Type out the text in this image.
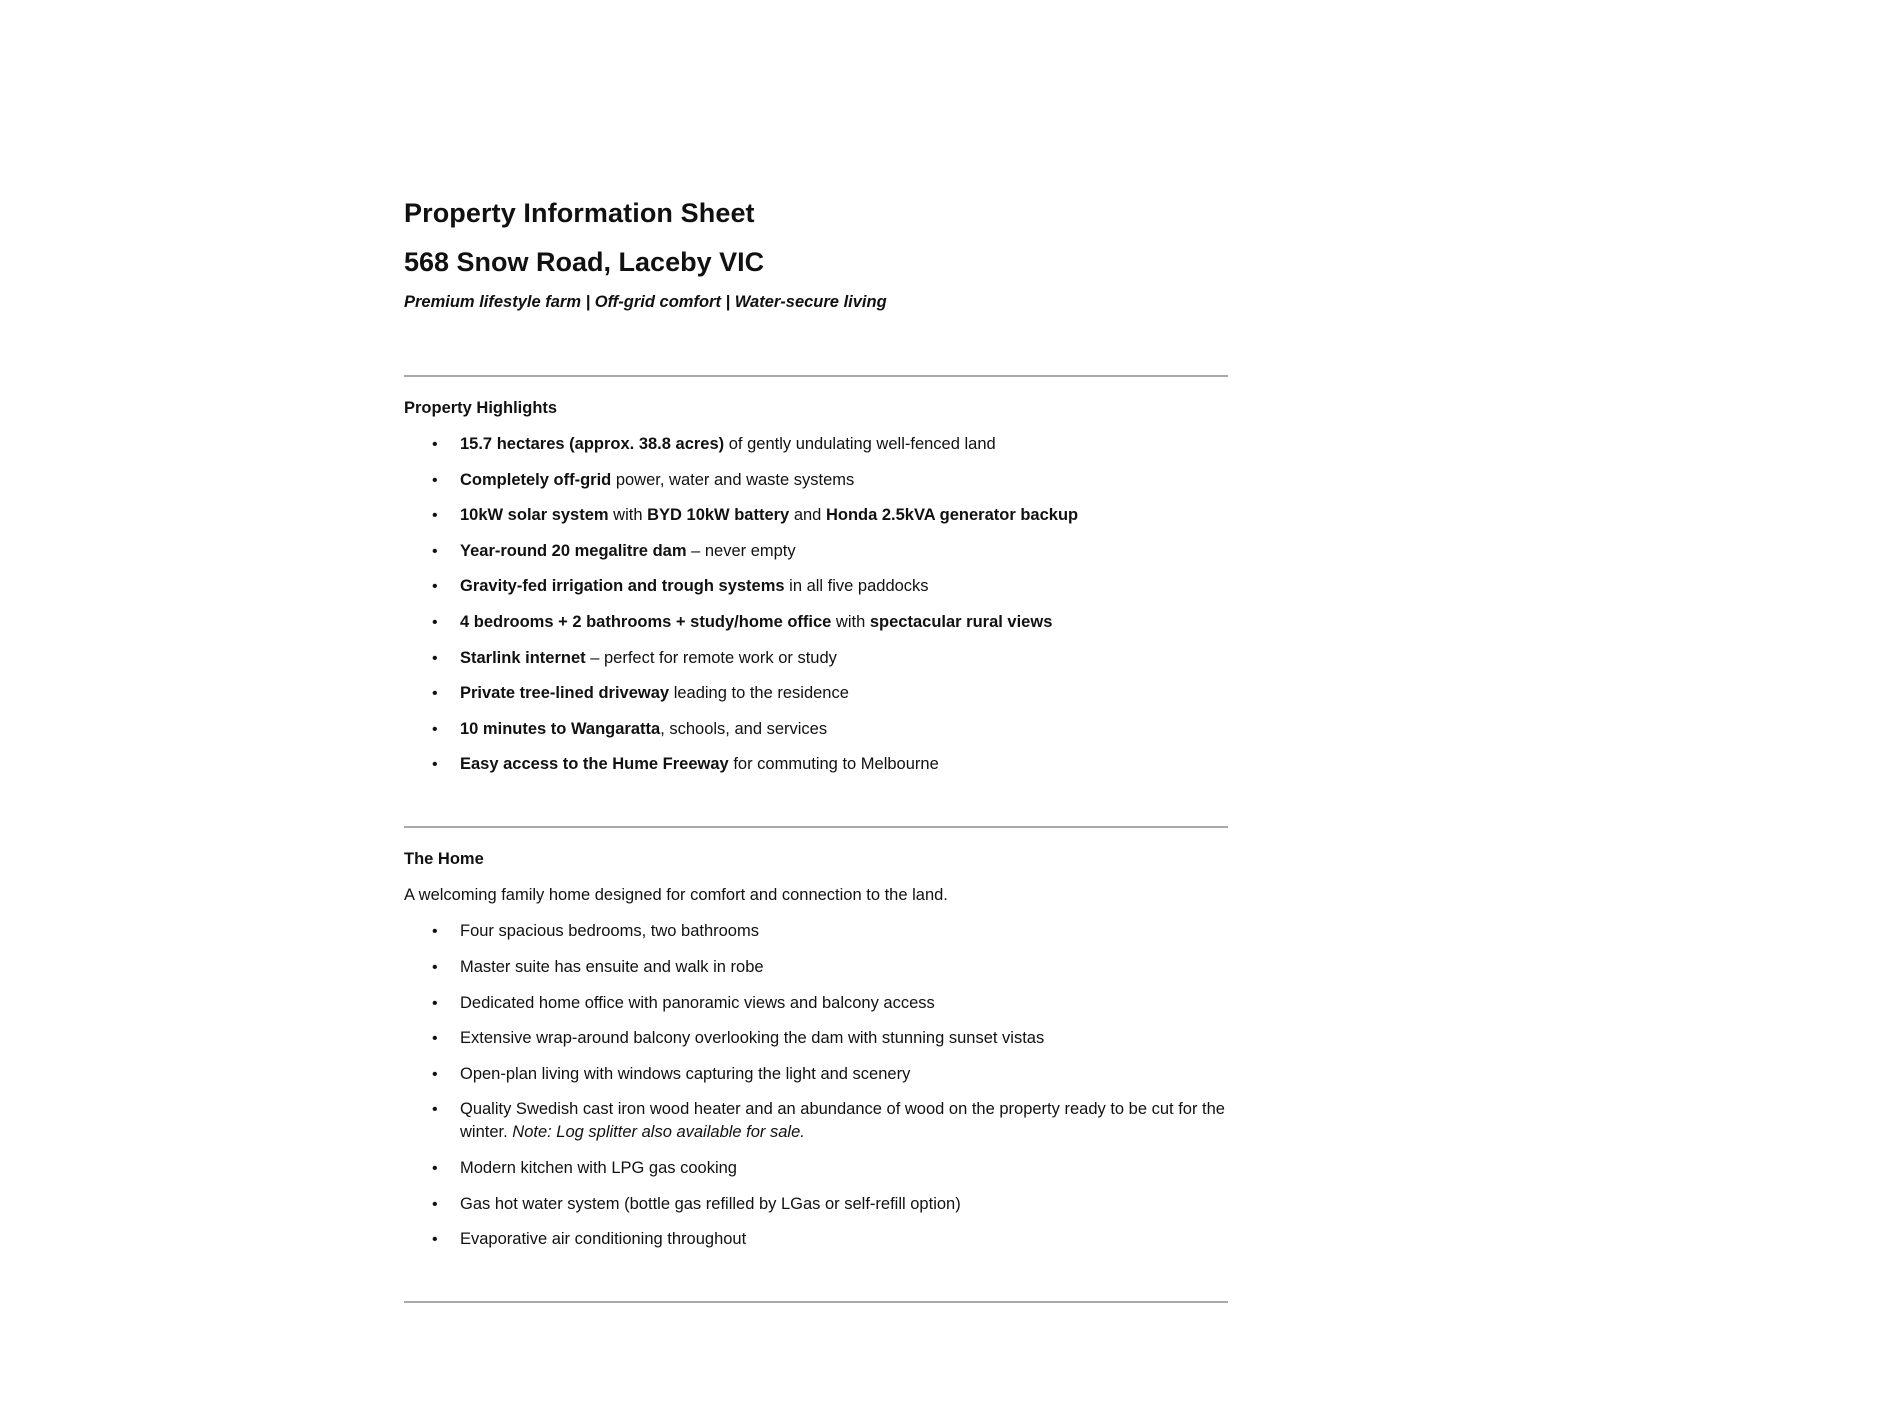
Property Information Sheet
568 Snow Road, Laceby VIC

Premium lifestyle farm | Off-grid comfort | Water-secure living

Property Highlights

• 15.7 hectares (approx. 38.8 acres) of gently undulating well-fenced land
• Completely off-grid power, water and waste systems
• 10kW solar system with BYD 10kW battery and Honda 2.5kVA generator backup
• Year-round 20 megalitre dam – never empty
• Gravity-fed irrigation and trough systems in all five paddocks
• 4 bedrooms + 2 bathrooms + study/home office with spectacular rural views
• Starlink internet – perfect for remote work or study
• Private tree-lined driveway leading to the residence
• 10 minutes to Wangaratta, schools, and services
• Easy access to the Hume Freeway for commuting to Melbourne

The Home

A welcoming family home designed for comfort and connection to the land.

• Four spacious bedrooms, two bathrooms
• Master suite has ensuite and walk in robe
• Dedicated home office with panoramic views and balcony access
• Extensive wrap-around balcony overlooking the dam with stunning sunset vistas
• Open-plan living with windows capturing the light and scenery
• Quality Swedish cast iron wood heater and an abundance of wood on the property ready to be cut for the winter. Note: Log splitter also available for sale.
• Modern kitchen with LPG gas cooking
• Gas hot water system (bottle gas refilled by LGas or self-refill option)
• Evaporative air conditioning throughout
